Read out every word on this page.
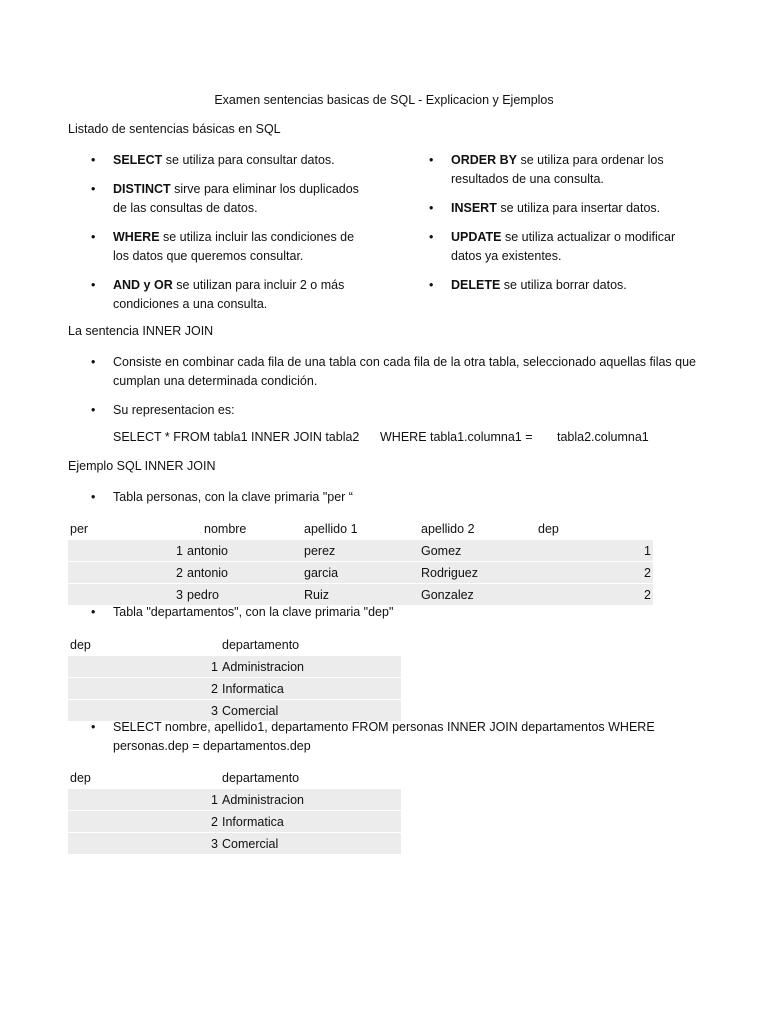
Examen sentencias basicas de SQL - Explicacion y Ejemplos
Listado de sentencias básicas en SQL
• SELECT se utiliza para consultar datos.
• DISTINCT sirve para eliminar los duplicados de las consultas de datos.
• WHERE se utiliza incluir las condiciones de los datos que queremos consultar.
• AND y OR se utilizan para incluir 2 o más condiciones a una consulta.
• ORDER BY se utiliza para ordenar los resultados de una consulta.
• INSERT se utiliza para insertar datos.
• UPDATE se utiliza actualizar o modificar datos ya existentes.
• DELETE se utiliza borrar datos.
La sentencia INNER JOIN
• Consiste en combinar cada fila de una tabla con cada fila de la otra tabla, seleccionado aquellas filas que cumplan una determinada condición.
• Su representacion es:
SELECT * FROM tabla1 INNER JOIN tabla2 WHERE tabla1.columna1 = tabla2.columna1
Ejemplo SQL INNER JOIN
• Tabla personas, con la clave primaria "per “
per	nombre	apellido 1	apellido 2	dep
1	antonio	perez	Gomez	1
2	antonio	garcia	Rodriguez	2
3	pedro	Ruiz	Gonzalez	2
• Tabla "departamentos", con la clave primaria "dep"
dep	departamento
1	Administracion
2	Informatica
3	Comercial
• SELECT nombre, apellido1, departamento FROM personas INNER JOIN departamentos WHERE personas.dep = departamentos.dep
dep	departamento
1	Administracion
2	Informatica
3	Comercial
